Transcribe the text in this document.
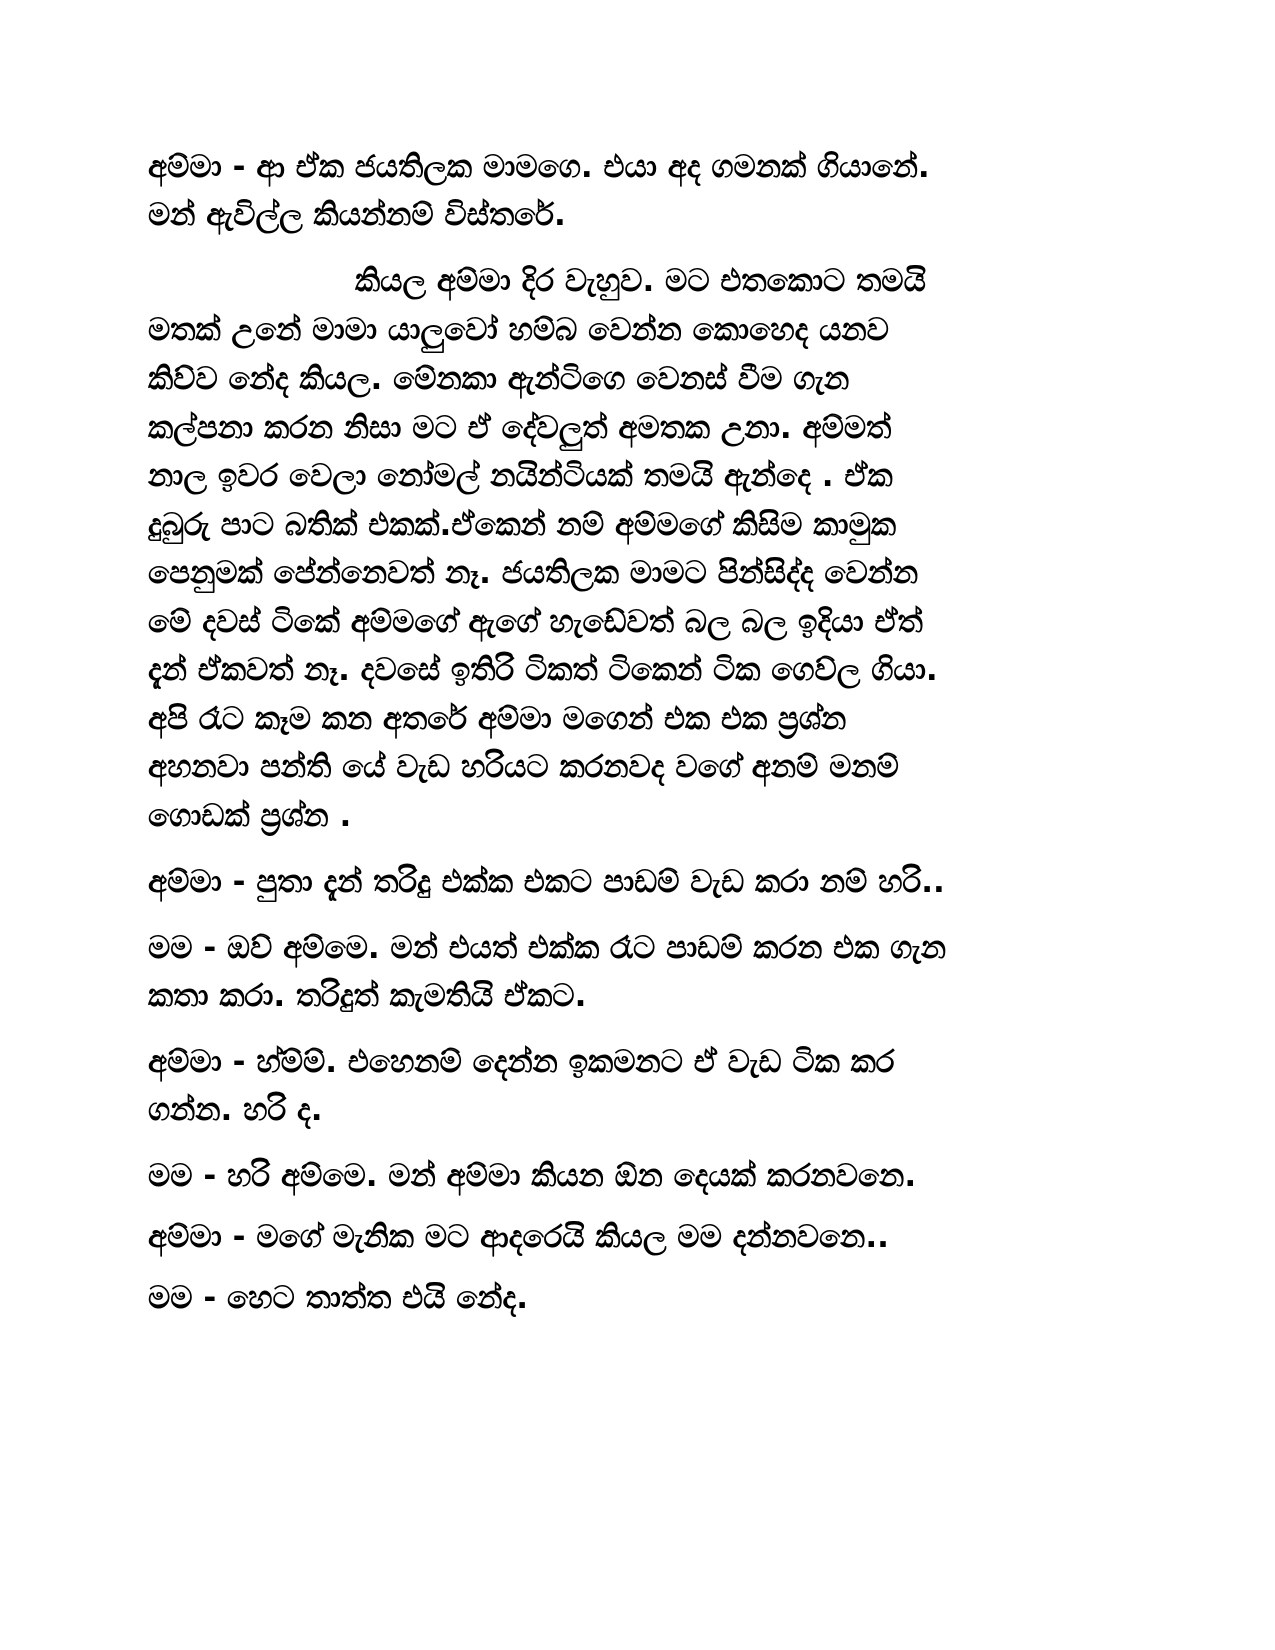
අම්මා - ආ ඒක ජයතිලක මාමගෙ. එයා අද ගමනක් ගියානේ.
මන් ඇවිල්ල කියන්නම් විස්තරේ.
කියල අම්මා දිර වැහුව. මට එතකොට තමයි
මතක් උනේ මාමා යාලුවෝ හම්බ වෙන්න කොහෙද යනව
කිව්ව නේද කියල. මේනකා ඇන්ටිගෙ වෙනස් වීම ගැන
කල්පනා කරන නිසා මට ඒ දේවලුත් අමතක උනා. අම්මත්
නාල ඉවර වෙලා නෝමල් නයින්ටියක් තමයි ඇන්දෙ . ඒක
දුබුරු පාට බතික් එකක්.ඒකෙන් නම් අම්මගේ කිසිම කාමුක
පෙනුමක් පේන්නෙවත් නෑ. ජයතිලක මාමට පින්සිද්ද වෙන්න
මේ දවස් ටිකේ අම්මගේ ඇගේ හැඩේවත් බල බල ඉදියා ඒත්
දැන් ඒකවත් නෑ. දවසේ ඉතිරි ටිකත් ටිකෙන් ටික ගෙව්ල ගියා.
අපි රෑට කෑම කන අතරේ අම්මා මගෙන් එක එක ප්‍රශ්න
අහනවා පන්ති යේ වැඩ හරියට කරනවද වගේ අනම් මනම්
ගොඩක් ප්‍රශ්න .
අම්මා - පුතා දැන් තරිදු එක්ක එකට පාඩම් වැඩ කරා නම් හරි..
මම - ඔව් අම්මෙ. මන් එයත් එක්ක රෑට පාඩම් කරන එක ගැන
කතා කරා. තරිදුත් කැමතියි ඒකට.
අම්මා - හ්ම්ම්. එහෙනම් දෙන්න ඉකමනට ඒ වැඩ ටික කර
ගන්න. හරි ද.
මම - හරි අම්මෙ. මන් අම්මා කියන ඕන දෙයක් කරනවනෙ.
අම්මා - මගේ මැනික මට ආදරෙයි කියල මම දන්නවනෙ..
මම - හෙට තාත්ත එයි නේද.
